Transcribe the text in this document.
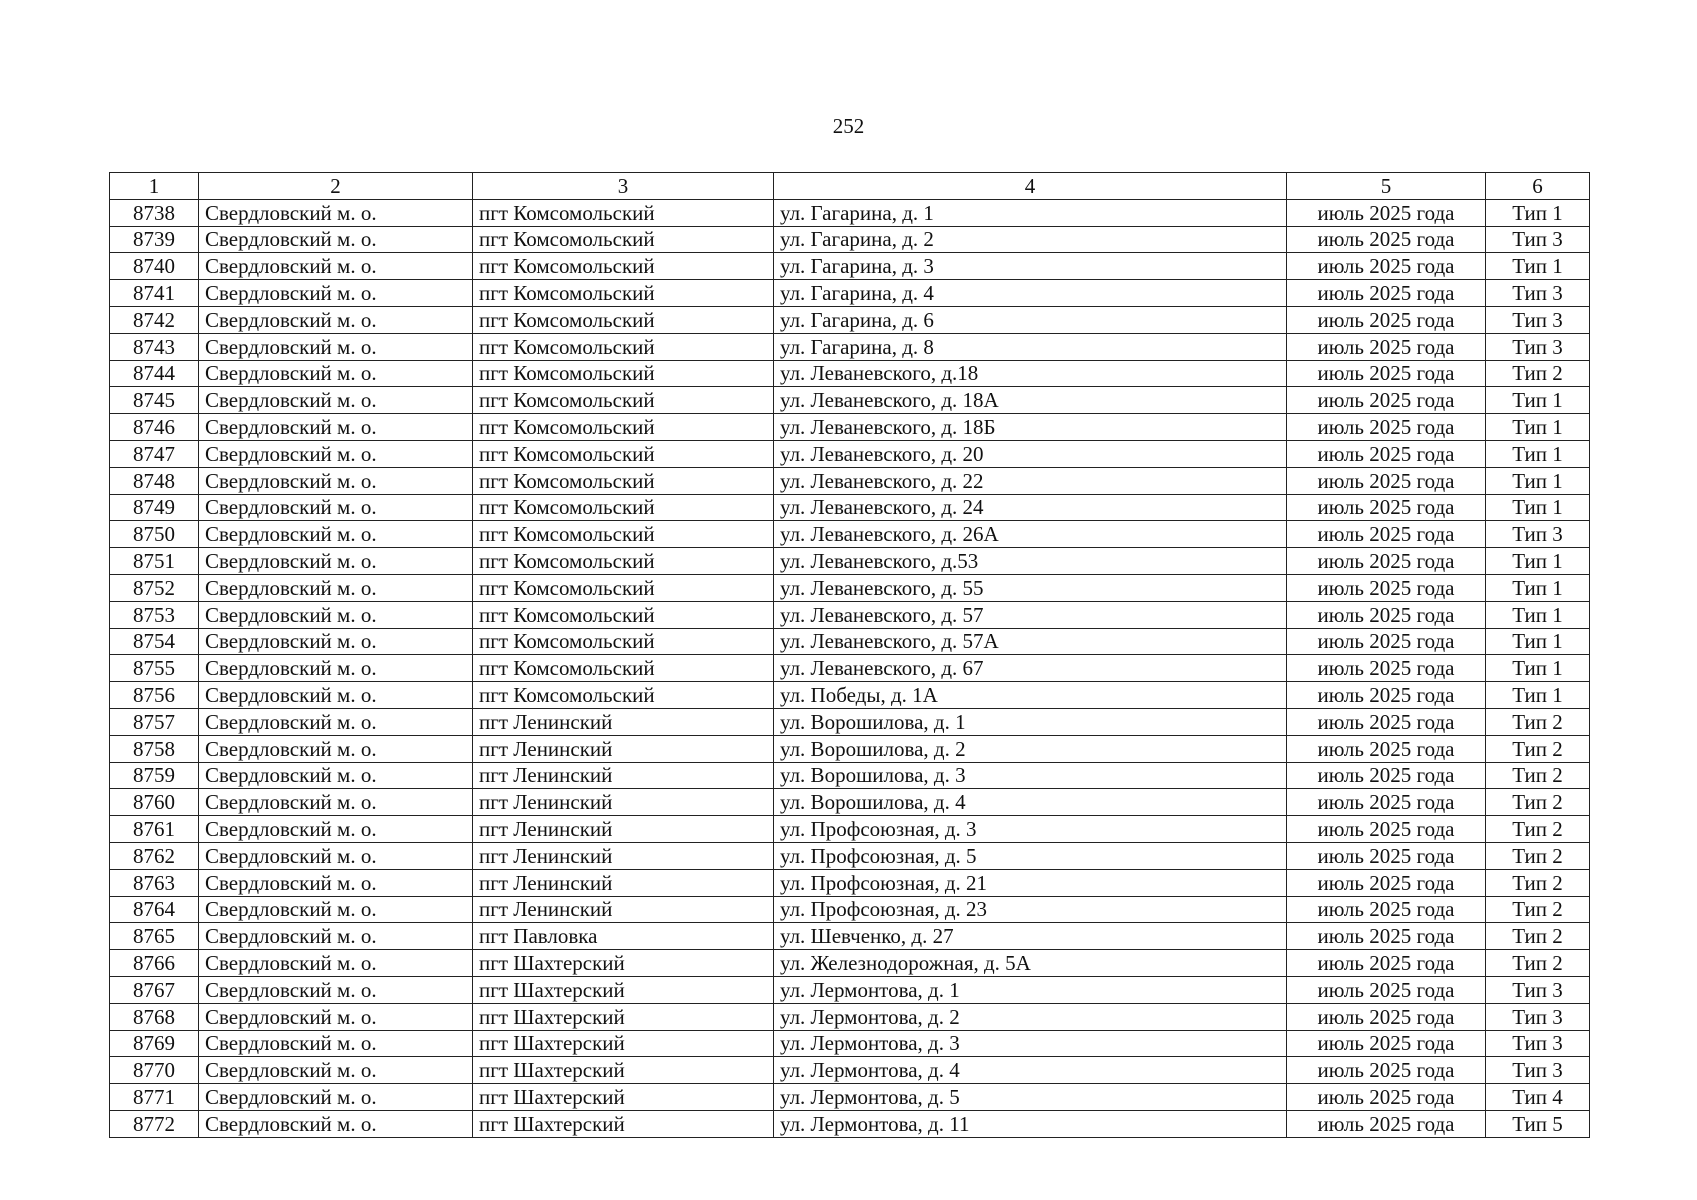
252
1	2	3	4	5	6
8738	Свердловский м. о.	пгт Комсомольский	ул. Гагарина, д. 1	июль 2025 года	Тип 1
8739	Свердловский м. о.	пгт Комсомольский	ул. Гагарина, д. 2	июль 2025 года	Тип 3
8740	Свердловский м. о.	пгт Комсомольский	ул. Гагарина, д. 3	июль 2025 года	Тип 1
8741	Свердловский м. о.	пгт Комсомольский	ул. Гагарина, д. 4	июль 2025 года	Тип 3
8742	Свердловский м. о.	пгт Комсомольский	ул. Гагарина, д. 6	июль 2025 года	Тип 3
8743	Свердловский м. о.	пгт Комсомольский	ул. Гагарина, д. 8	июль 2025 года	Тип 3
8744	Свердловский м. о.	пгт Комсомольский	ул. Леваневского, д.18	июль 2025 года	Тип 2
8745	Свердловский м. о.	пгт Комсомольский	ул. Леваневского, д. 18А	июль 2025 года	Тип 1
8746	Свердловский м. о.	пгт Комсомольский	ул. Леваневского, д. 18Б	июль 2025 года	Тип 1
8747	Свердловский м. о.	пгт Комсомольский	ул. Леваневского, д. 20	июль 2025 года	Тип 1
8748	Свердловский м. о.	пгт Комсомольский	ул. Леваневского, д. 22	июль 2025 года	Тип 1
8749	Свердловский м. о.	пгт Комсомольский	ул. Леваневского, д. 24	июль 2025 года	Тип 1
8750	Свердловский м. о.	пгт Комсомольский	ул. Леваневского, д. 26А	июль 2025 года	Тип 3
8751	Свердловский м. о.	пгт Комсомольский	ул. Леваневского, д.53	июль 2025 года	Тип 1
8752	Свердловский м. о.	пгт Комсомольский	ул. Леваневского, д. 55	июль 2025 года	Тип 1
8753	Свердловский м. о.	пгт Комсомольский	ул. Леваневского, д. 57	июль 2025 года	Тип 1
8754	Свердловский м. о.	пгт Комсомольский	ул. Леваневского, д. 57А	июль 2025 года	Тип 1
8755	Свердловский м. о.	пгт Комсомольский	ул. Леваневского, д. 67	июль 2025 года	Тип 1
8756	Свердловский м. о.	пгт Комсомольский	ул. Победы, д. 1А	июль 2025 года	Тип 1
8757	Свердловский м. о.	пгт Ленинский	ул. Ворошилова, д. 1	июль 2025 года	Тип 2
8758	Свердловский м. о.	пгт Ленинский	ул. Ворошилова, д. 2	июль 2025 года	Тип 2
8759	Свердловский м. о.	пгт Ленинский	ул. Ворошилова, д. 3	июль 2025 года	Тип 2
8760	Свердловский м. о.	пгт Ленинский	ул. Ворошилова, д. 4	июль 2025 года	Тип 2
8761	Свердловский м. о.	пгт Ленинский	ул. Профсоюзная, д. 3	июль 2025 года	Тип 2
8762	Свердловский м. о.	пгт Ленинский	ул. Профсоюзная, д. 5	июль 2025 года	Тип 2
8763	Свердловский м. о.	пгт Ленинский	ул. Профсоюзная, д. 21	июль 2025 года	Тип 2
8764	Свердловский м. о.	пгт Ленинский	ул. Профсоюзная, д. 23	июль 2025 года	Тип 2
8765	Свердловский м. о.	пгт Павловка	ул. Шевченко, д. 27	июль 2025 года	Тип 2
8766	Свердловский м. о.	пгт Шахтерский	ул. Железнодорожная, д. 5А	июль 2025 года	Тип 2
8767	Свердловский м. о.	пгт Шахтерский	ул. Лермонтова, д. 1	июль 2025 года	Тип 3
8768	Свердловский м. о.	пгт Шахтерский	ул. Лермонтова, д. 2	июль 2025 года	Тип 3
8769	Свердловский м. о.	пгт Шахтерский	ул. Лермонтова, д. 3	июль 2025 года	Тип 3
8770	Свердловский м. о.	пгт Шахтерский	ул. Лермонтова, д. 4	июль 2025 года	Тип 3
8771	Свердловский м. о.	пгт Шахтерский	ул. Лермонтова, д. 5	июль 2025 года	Тип 4
8772	Свердловский м. о.	пгт Шахтерский	ул. Лермонтова, д. 11	июль 2025 года	Тип 5
